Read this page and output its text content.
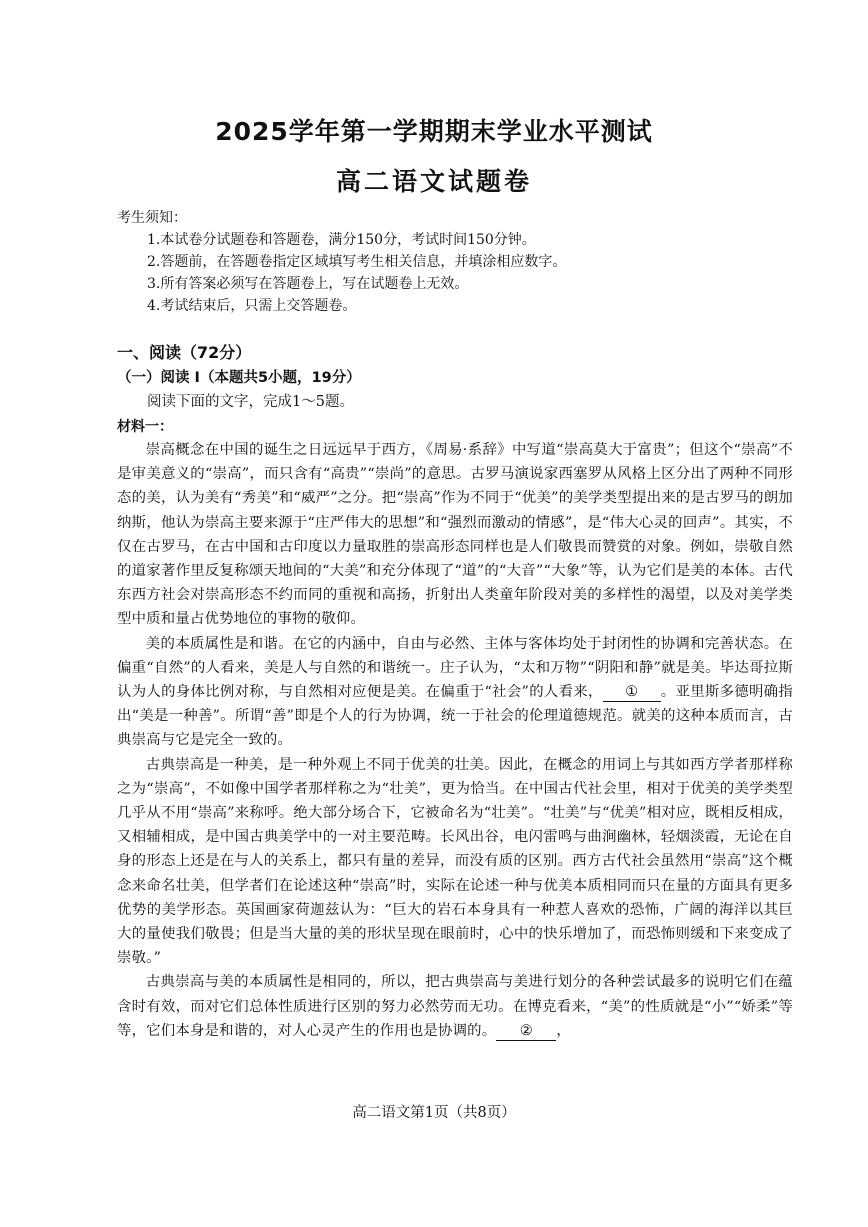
2025学年第一学期期末学业水平测试
高二语文试题卷

考生须知：

1.本试卷分试题卷和答题卷，满分150分，考试时间150分钟。

2.答题前，在答题卷指定区域填写考生相关信息，并填涂相应数字。

3.所有答案必须写在答题卷上，写在试题卷上无效。

4.考试结束后，只需上交答题卷。

一、阅读（72分）
（一）阅读 I（本题共5小题，19分）
阅读下面的文字，完成1～5题。
材料一：

崇高概念在中国的诞生之日远远早于西方，《周易·系辞》中写道“崇高莫大于富贵”；但这个“崇高”不是审美意义的“崇高”，而只含有“高贵”“崇尚”的意思。古罗马演说家西塞罗从风格上区分出了两种不同形态的美，认为美有“秀美”和“威严”之分。把“崇高”作为不同于“优美”的美学类型提出来的是古罗马的朗加纳斯，他认为崇高主要来源于“庄严伟大的思想”和“强烈而激动的情感”，是“伟大心灵的回声”。其实，不仅在古罗马，在古中国和古印度以力量取胜的崇高形态同样也是人们敬畏而赞赏的对象。例如，崇敬自然的道家著作里反复称颂天地间的“大美”和充分体现了“道”的“大音”“大象”等，认为它们是美的本体。古代东西方社会对崇高形态不约而同的重视和高扬，折射出人类童年阶段对美的多样性的渴望，以及对美学类型中质和量占优势地位的事物的敬仰。

美的本质属性是和谐。在它的内涵中，自由与必然、主体与客体均处于封闭性的协调和完善状态。在偏重“自然”的人看来，美是人与自然的和谐统一。庄子认为，“太和万物”“阴阳和静”就是美。毕达哥拉斯认为人的身体比例对称，与自然相对应便是美。在偏重于“社会”的人看来， ① 。亚里斯多德明确指出“美是一种善”。所谓“善”即是个人的行为协调，统一于社会的伦理道德规范。就美的这种本质而言，古典崇高与它是完全一致的。

古典崇高是一种美，是一种外观上不同于优美的壮美。因此，在概念的用词上与其如西方学者那样称之为“崇高”，不如像中国学者那样称之为“壮美”，更为恰当。在中国古代社会里，相对于优美的美学类型几乎从不用“崇高”来称呼。绝大部分场合下，它被命名为“壮美”。“壮美”与“优美”相对应，既相反相成，又相辅相成，是中国古典美学中的一对主要范畴。长风出谷，电闪雷鸣与曲涧幽林，轻烟淡霞，无论在自身的形态上还是在与人的关系上，都只有量的差异，而没有质的区别。西方古代社会虽然用“崇高”这个概念来命名壮美，但学者们在论述这种“崇高”时，实际在论述一种与优美本质相同而只在量的方面具有更多优势的美学形态。英国画家荷迦兹认为：“巨大的岩石本身具有一种惹人喜欢的恐怖，广阔的海洋以其巨大的量使我们敬畏；但是当大量的美的形状呈现在眼前时，心中的快乐增加了，而恐怖则缓和下来变成了崇敬。”

古典崇高与美的本质属性是相同的，所以，把古典崇高与美进行划分的各种尝试最多的说明它们在蕴含时有效，而对它们总体性质进行区别的努力必然劳而无功。在博克看来，“美”的性质就是“小”“娇柔”等等，它们本身是和谐的，对人心灵产生的作用也是协调的。 ② ，

高二语文第1页（共8页）
